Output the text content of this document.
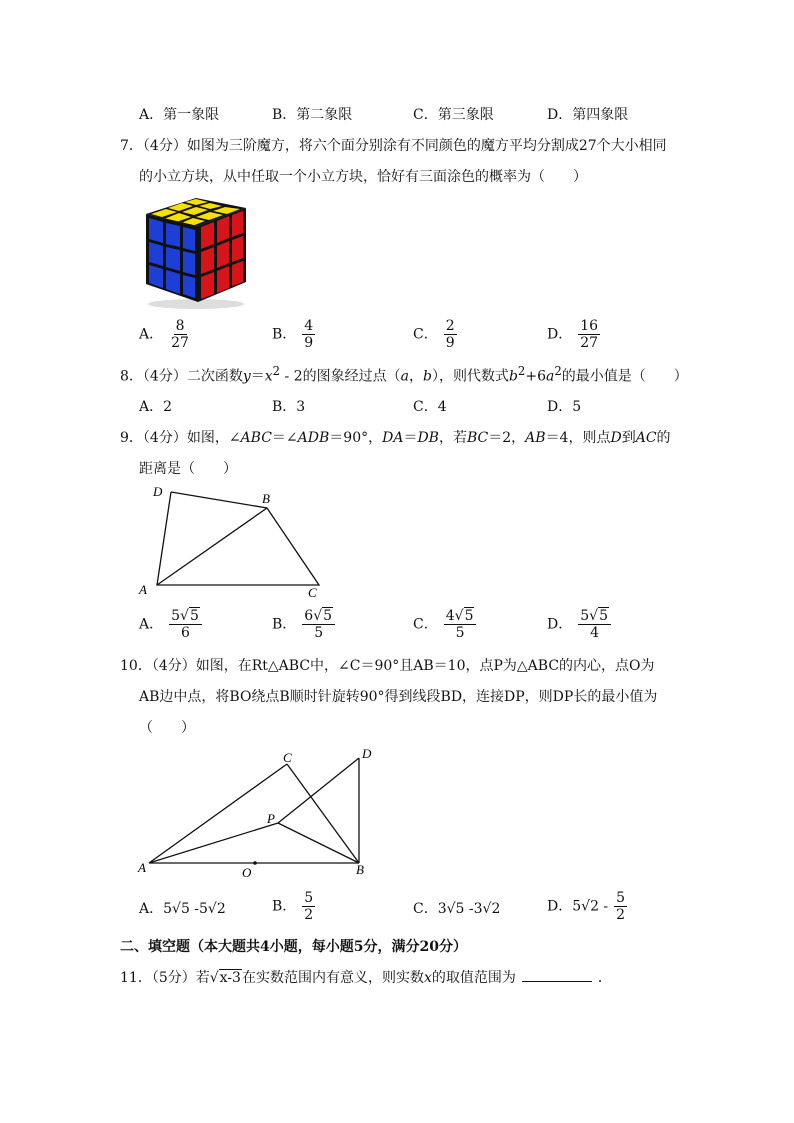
A．第一象限	B．第二象限	C．第三象限	D．第四象限
7．（4分）如图为三阶魔方，将六个面分别涂有不同颜色的魔方平均分割成27个大小相同
的小立方块，从中任取一个小立方块，恰好有三面涂色的概率为（　　）
A． $\frac{8}{27}$	B． $\frac{4}{9}$	C． $\frac{2}{9}$	D． $\frac{16}{27}$
8．（4分）二次函数$y=x^2 - 2$的图象经过点（a，b），则代数式$b^2+6a^2$的最小值是（　　）
A．2	B．3	C．4	D．5
9．（4分）如图，∠ABC＝∠ADB＝90°，DA＝DB，若BC＝2，AB＝4，则点D到AC的
距离是（　　）
D	B
A	C
A． $\frac{5√5}{6}$	B． $\frac{6√5}{5}$	C． $\frac{4√5}{5}$	D． $\frac{5√5}{4}$
10．（4分）如图，在Rt△ABC中，∠C＝90°且AB＝10，点P为△ABC的内心，点O为
AB边中点，将BO绕点B顺时针旋转90°得到线段BD，连接DP，则DP长的最小值为
（　　）
C	D
P
A	O	B
A．5√5 -5√2	B． $\frac{5}{2}$	C．3√5 -3√2	D．$5√2 - \frac{5}{2}$
二、填空题（本大题共4小题，每小题5分，满分20分）
11．（5分）若√x-3在实数范围内有意义，则实数x的取值范围为	．
